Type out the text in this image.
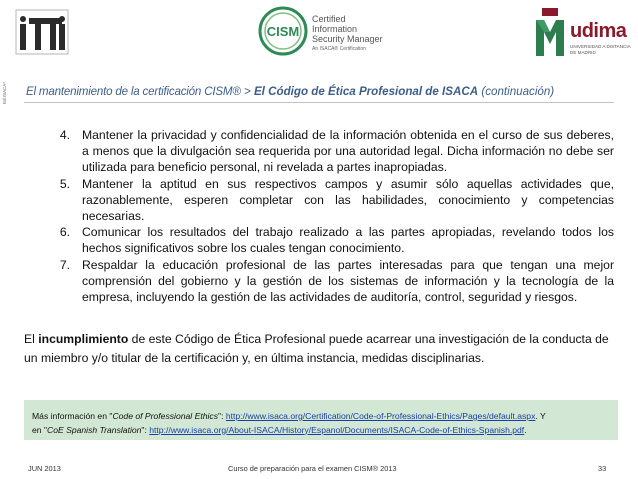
CISM
Certified Information
Security Manager
An ISACA® Certification
udima
UNIVERSIDAD A DISTANCIA
DE MADRID
Ed.ISACA* El mantenimiento de la certificación CISM® > El Código de Ética Profesional de ISACA (continuación)
4. Mantener la privacidad y confidencialidad de la información obtenida en el curso de sus deberes, a menos que la divulgación sea requerida por una autoridad legal. Dicha información no debe ser utilizada para beneficio personal, ni revelada a partes inapropiadas.
5. Mantener la aptitud en sus respectivos campos y asumir sólo aquellas actividades que, razonablemente, esperen completar con las habilidades, conocimiento y competencias necesarias.
6. Comunicar los resultados del trabajo realizado a las partes apropiadas, revelando todos los hechos significativos sobre los cuales tengan conocimiento.
7. Respaldar la educación profesional de las partes interesadas para que tengan una mejor comprensión del gobierno y la gestión de los sistemas de información y la tecnología de la empresa, incluyendo la gestión de las actividades de auditoría, control, seguridad y riesgos.
El incumplimiento de este Código de Ética Profesional puede acarrear una investigación de la conducta de un miembro y/o titular de la certificación y, en última instancia, medidas disciplinarias.
Más información en "Code of Professional Ethics": http://www.isaca.org/Certification/Code-of-Professional-Ethics/Pages/default.aspx. Y
en "CoE Spanish Translation": http://www.isaca.org/About-ISACA/History/Espanol/Documents/ISACA-Code-of-Ethics-Spanish.pdf.
JUN 2013	Curso de preparación para el examen CISM® 2013	33
